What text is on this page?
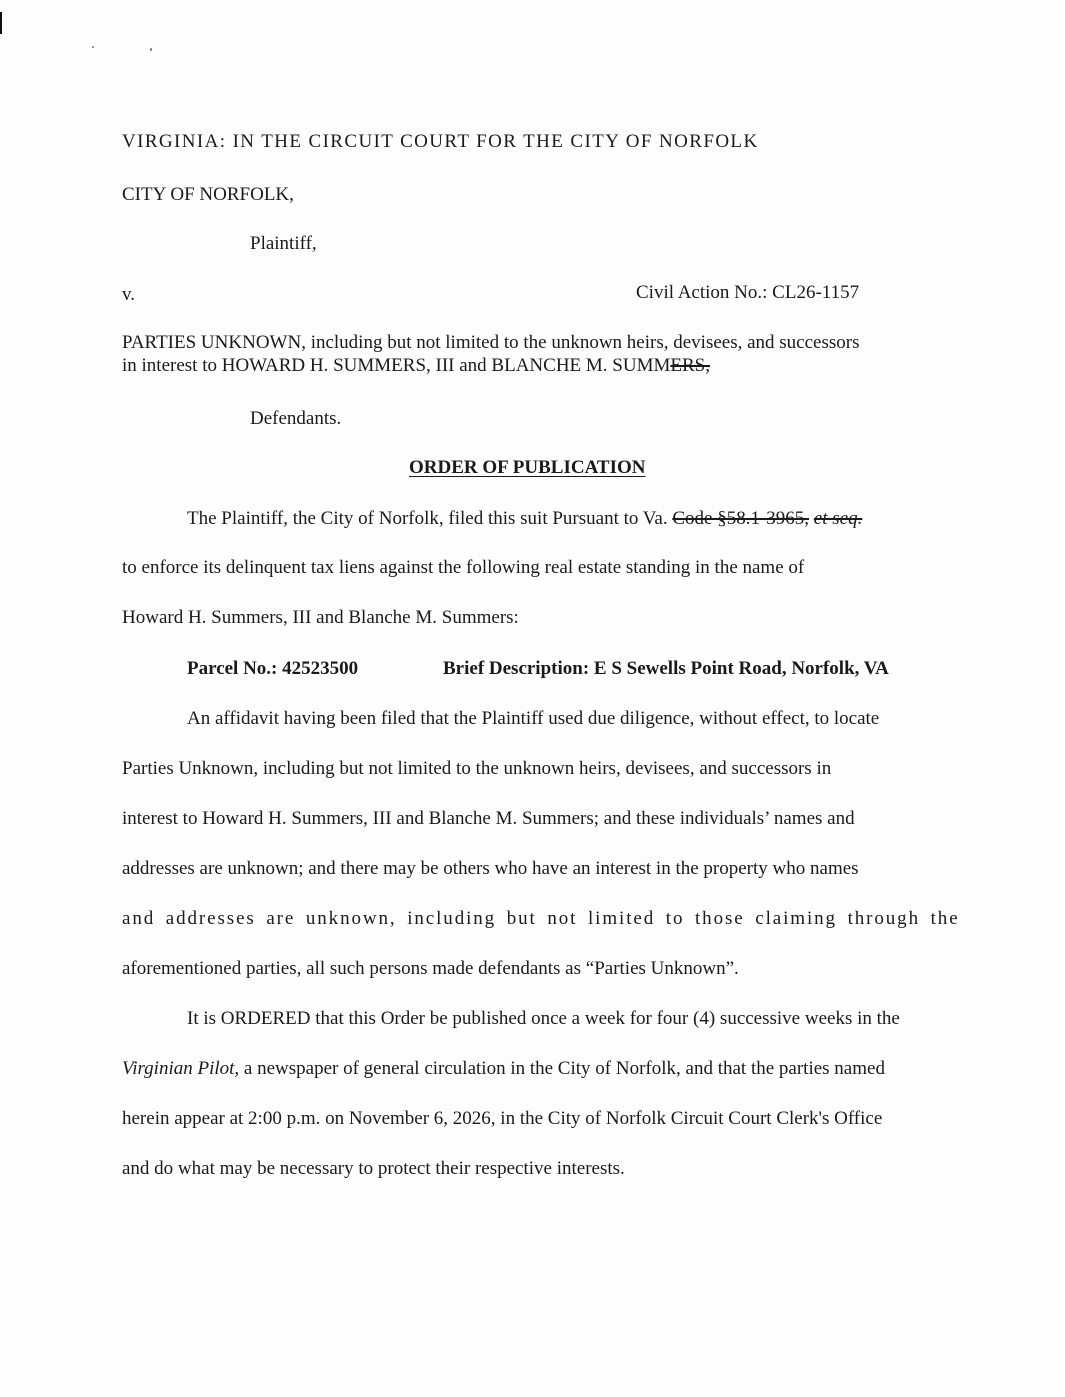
VIRGINIA: IN THE CIRCUIT COURT FOR THE CITY OF NORFOLK
CITY OF NORFOLK,
Plaintiff,
v.	Civil Action No.: CL26-1157
PARTIES UNKNOWN, including but not limited to the unknown heirs, devisees, and successors
in interest to HOWARD H. SUMMERS, III and BLANCHE M. SUMMERS,
Defendants.
ORDER OF PUBLICATION
The Plaintiff, the City of Norfolk, filed this suit Pursuant to Va. Code §58.1-3965, et seq.
to enforce its delinquent tax liens against the following real estate standing in the name of
Howard H. Summers, III and Blanche M. Summers:
Parcel No.: 42523500	Brief Description: E S Sewells Point Road, Norfolk, VA
An affidavit having been filed that the Plaintiff used due diligence, without effect, to locate
Parties Unknown, including but not limited to the unknown heirs, devisees, and successors in
interest to Howard H. Summers, III and Blanche M. Summers; and these individuals’ names and
addresses are unknown; and there may be others who have an interest in the property who names
and addresses are unknown, including but not limited to those claiming through the
aforementioned parties, all such persons made defendants as “Parties Unknown”.
It is ORDERED that this Order be published once a week for four (4) successive weeks in the
Virginian Pilot, a newspaper of general circulation in the City of Norfolk, and that the parties named
herein appear at 2:00 p.m. on November 6, 2026, in the City of Norfolk Circuit Court Clerk's Office
and do what may be necessary to protect their respective interests.
